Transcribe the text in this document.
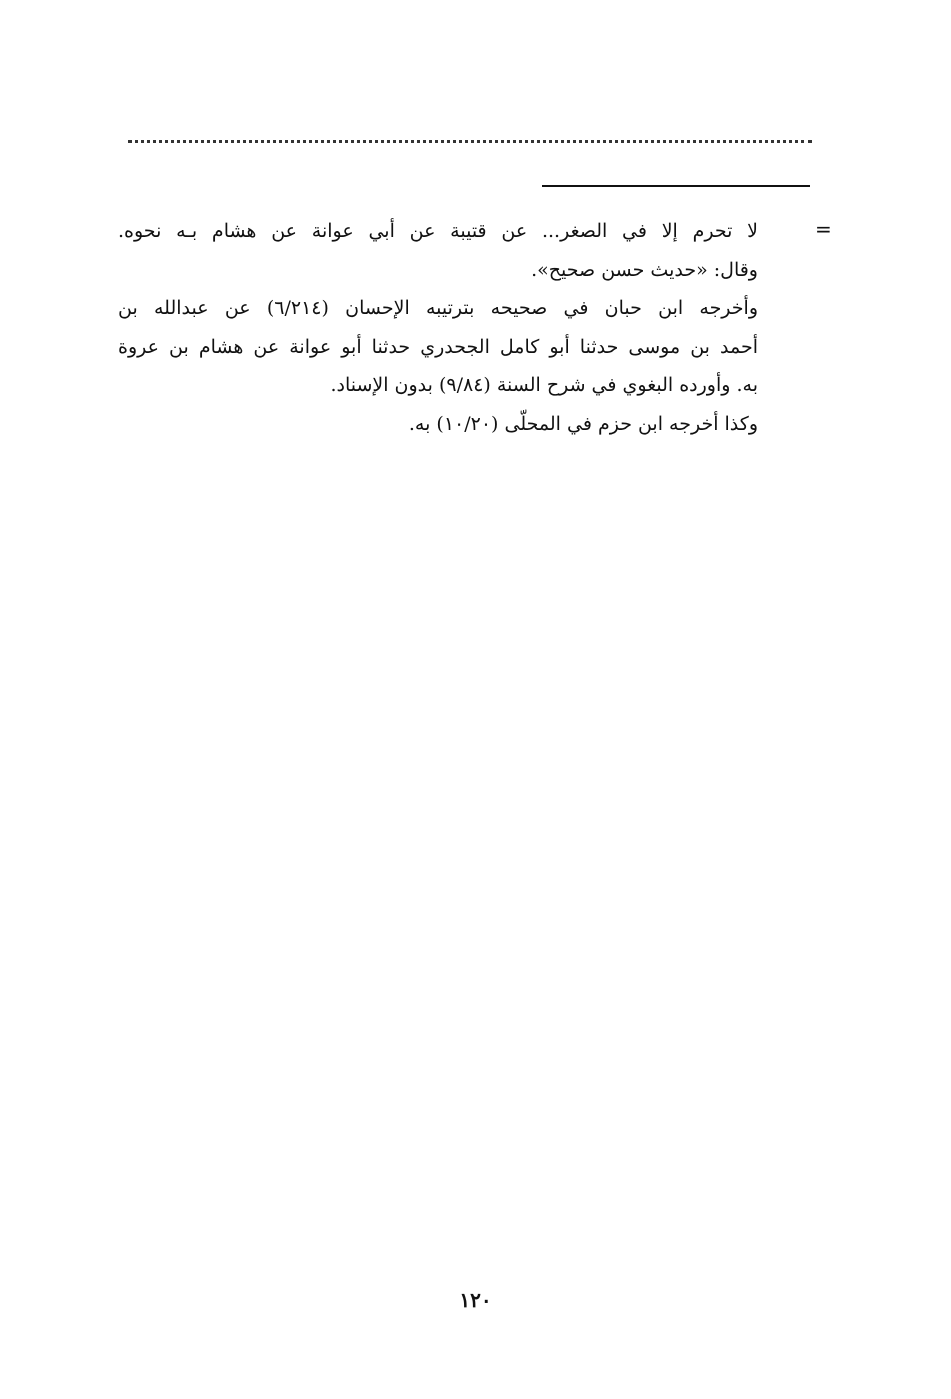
=
لا تحرم إلا في الصغر... عن قتيبة عن أبي عوانة عن هشام بـه نحوه.
وقال: «حديث حسن صحيح».
وأخرجه ابن حبان في صحيحه بترتيبه الإحسان (٦/٢١٤) عن عبدالله بن
أحمد بن موسى حدثنا أبو كامل الجحدري حدثنا أبو عوانة عن هشام بن عروة
به. وأورده البغوي في شرح السنة (٩/٨٤) بدون الإسناد.
وكذا أخرجه ابن حزم في المحلّى (١٠/٢٠) به.
١٢٠
